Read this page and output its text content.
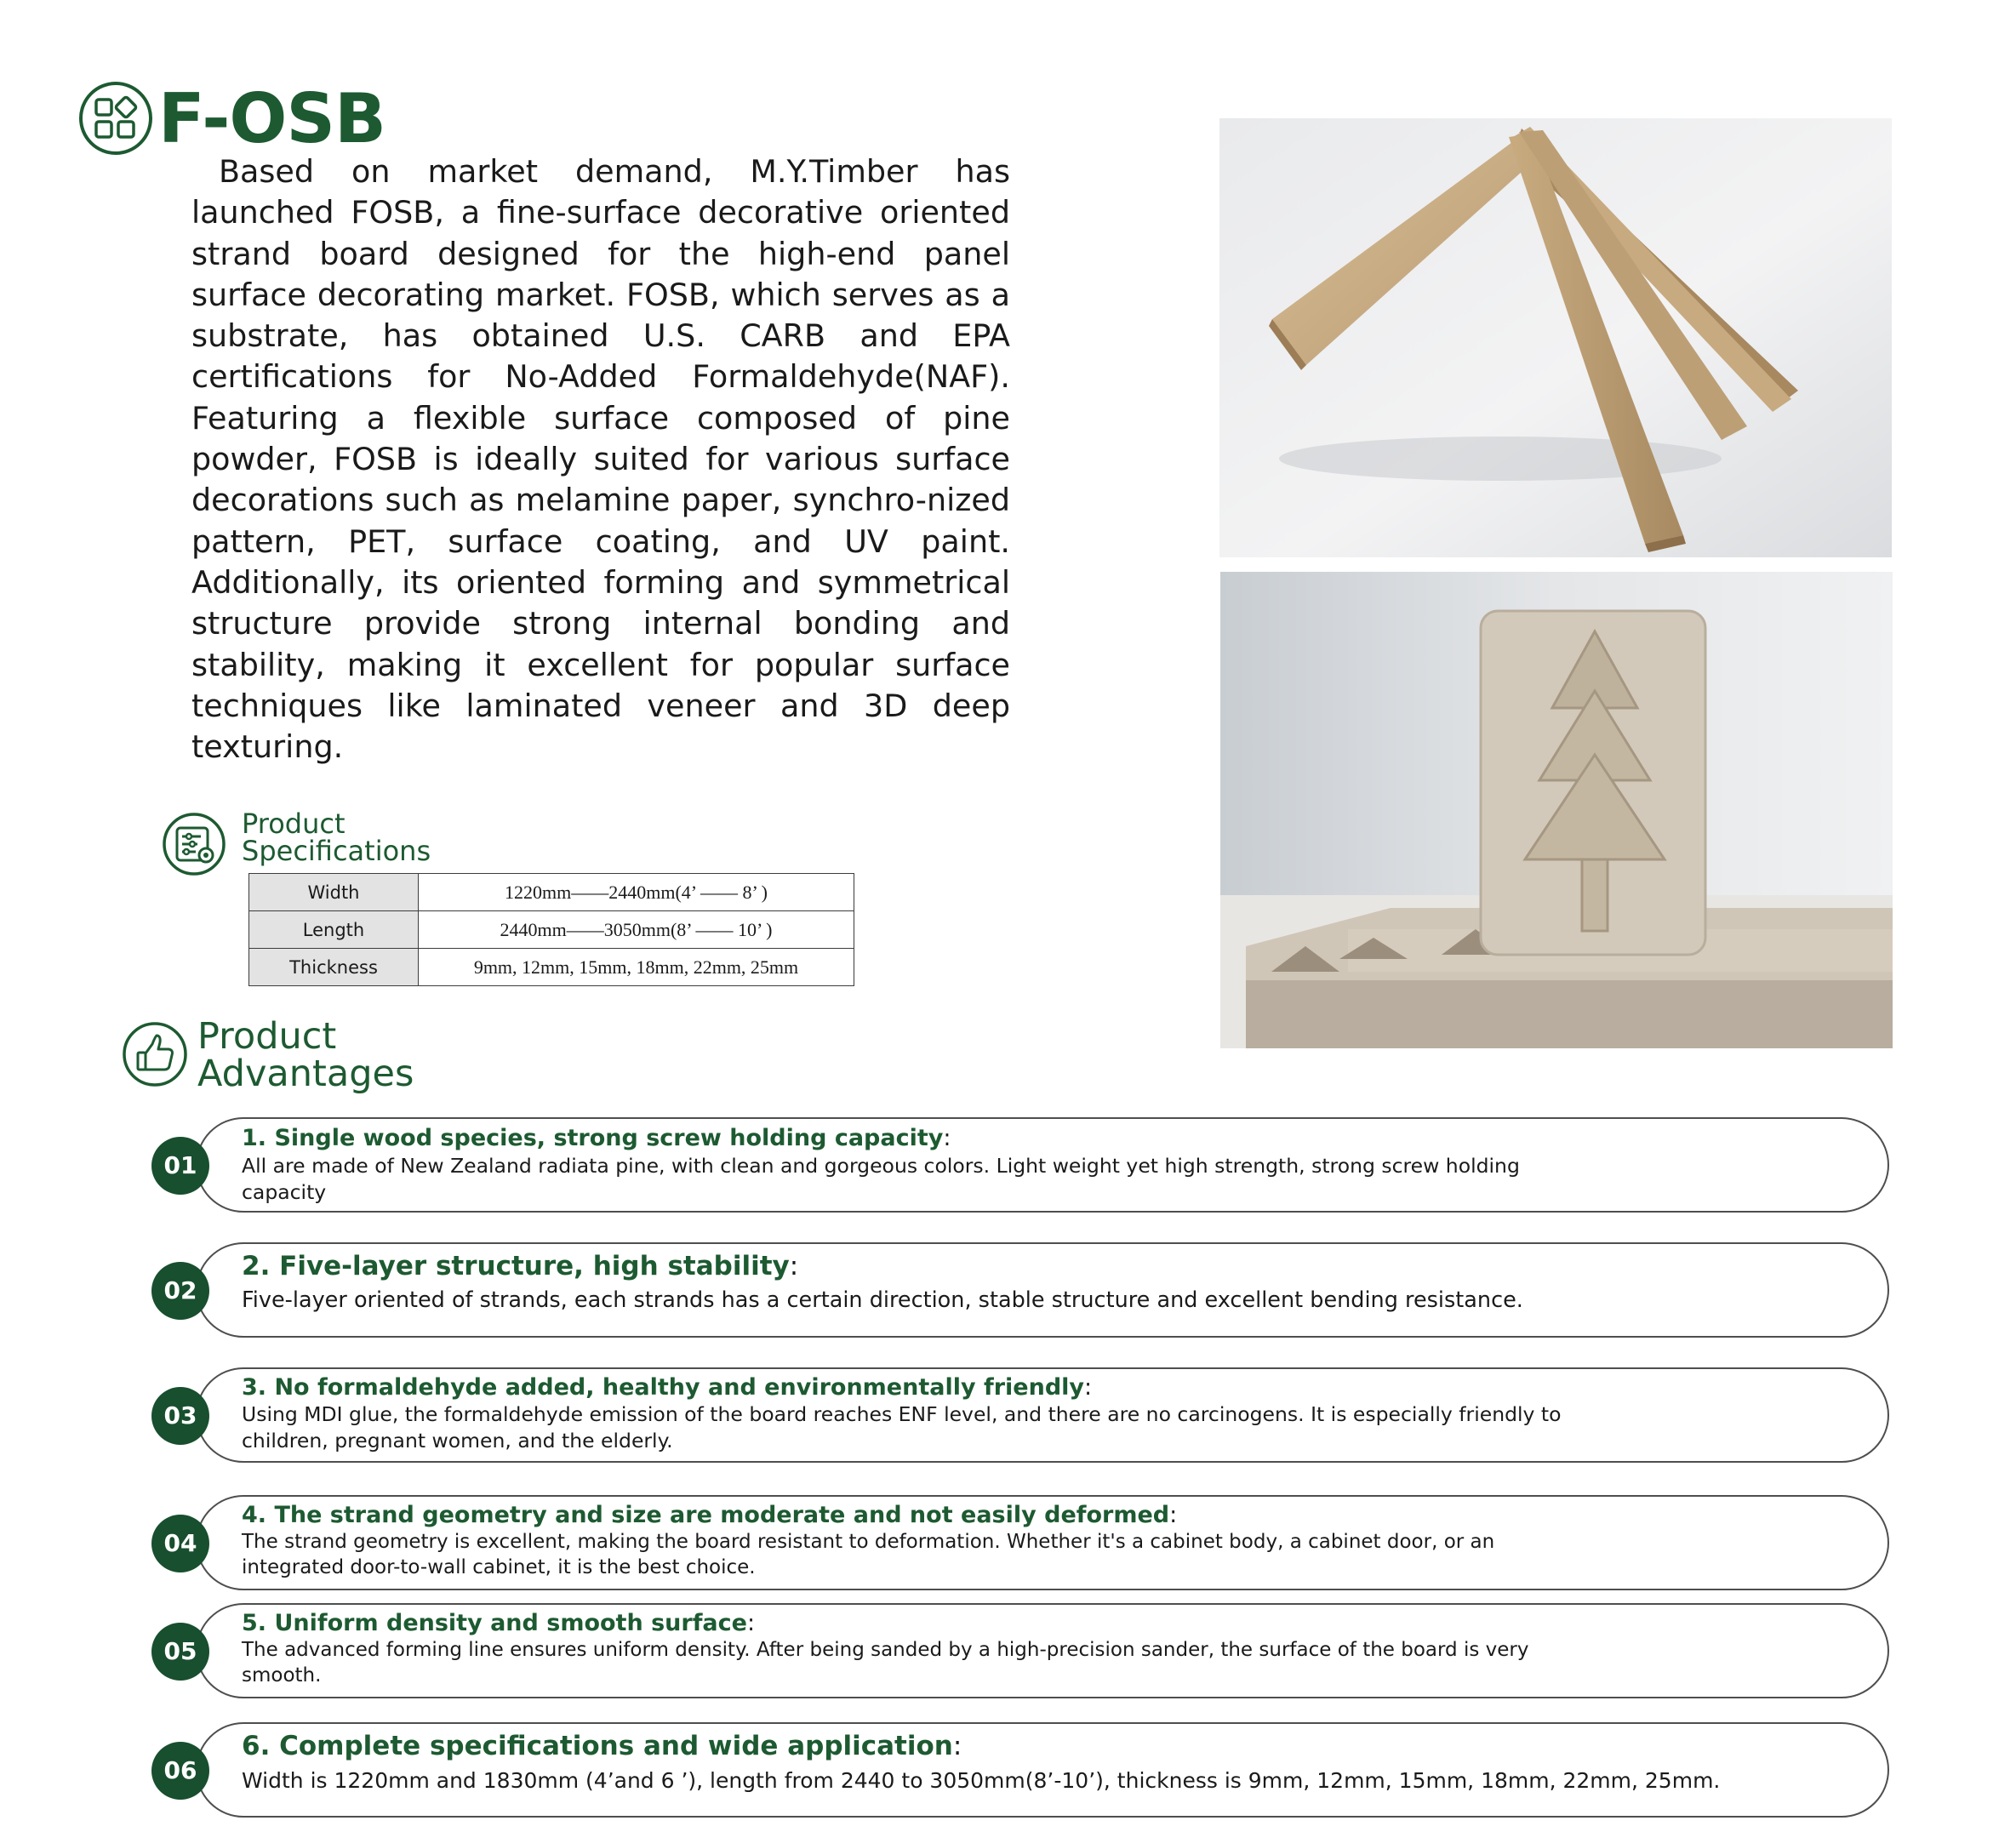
F-OSB
Based on market demand, M.Y.Timber has launched FOSB, a fine-surface decorative oriented strand board designed for the high-end panel surface decorating market. FOSB, which serves as a substrate, has obtained U.S. CARB and EPA certifications for No-Added Formaldehyde(NAF). Featuring a flexible surface composed of pine powder, FOSB is ideally suited for various surface decorations such as melamine paper, synchro-nized pattern, PET, surface coating, and UV paint. Additionally, its oriented forming and symmetrical structure provide strong internal bonding and stability, making it excellent for popular surface techniques like laminated veneer and 3D deep texturing.
Product
Specifications
Width	1220mm——2440mm(4’ —— 8’ )
Length	2440mm——3050mm(8’ —— 10’ )
Thickness	9mm, 12mm, 15mm, 18mm, 22mm, 25mm
Product
Advantages
01
1. Single wood species, strong screw holding capacity:
All are made of New Zealand radiata pine, with clean and gorgeous colors. Light weight yet high strength, strong screw holding capacity
02
2. Five-layer structure, high stability:
Five-layer oriented of strands, each strands has a certain direction, stable structure and excellent bending resistance.
03
3. No formaldehyde added, healthy and environmentally friendly:
Using MDI glue, the formaldehyde emission of the board reaches ENF level, and there are no carcinogens. It is especially friendly to children, pregnant women, and the elderly.
04
4. The strand geometry and size are moderate and not easily deformed:
The strand geometry is excellent, making the board resistant to deformation. Whether it's a cabinet body, a cabinet door, or an integrated door-to-wall cabinet, it is the best choice.
05
5. Uniform density and smooth surface:
The advanced forming line ensures uniform density. After being sanded by a high-precision sander, the surface of the board is very smooth.
06
6. Complete specifications and wide application:
Width is 1220mm and 1830mm (4’and 6 ’), length from 2440 to 3050mm(8’-10’), thickness is 9mm, 12mm, 15mm, 18mm, 22mm, 25mm.
